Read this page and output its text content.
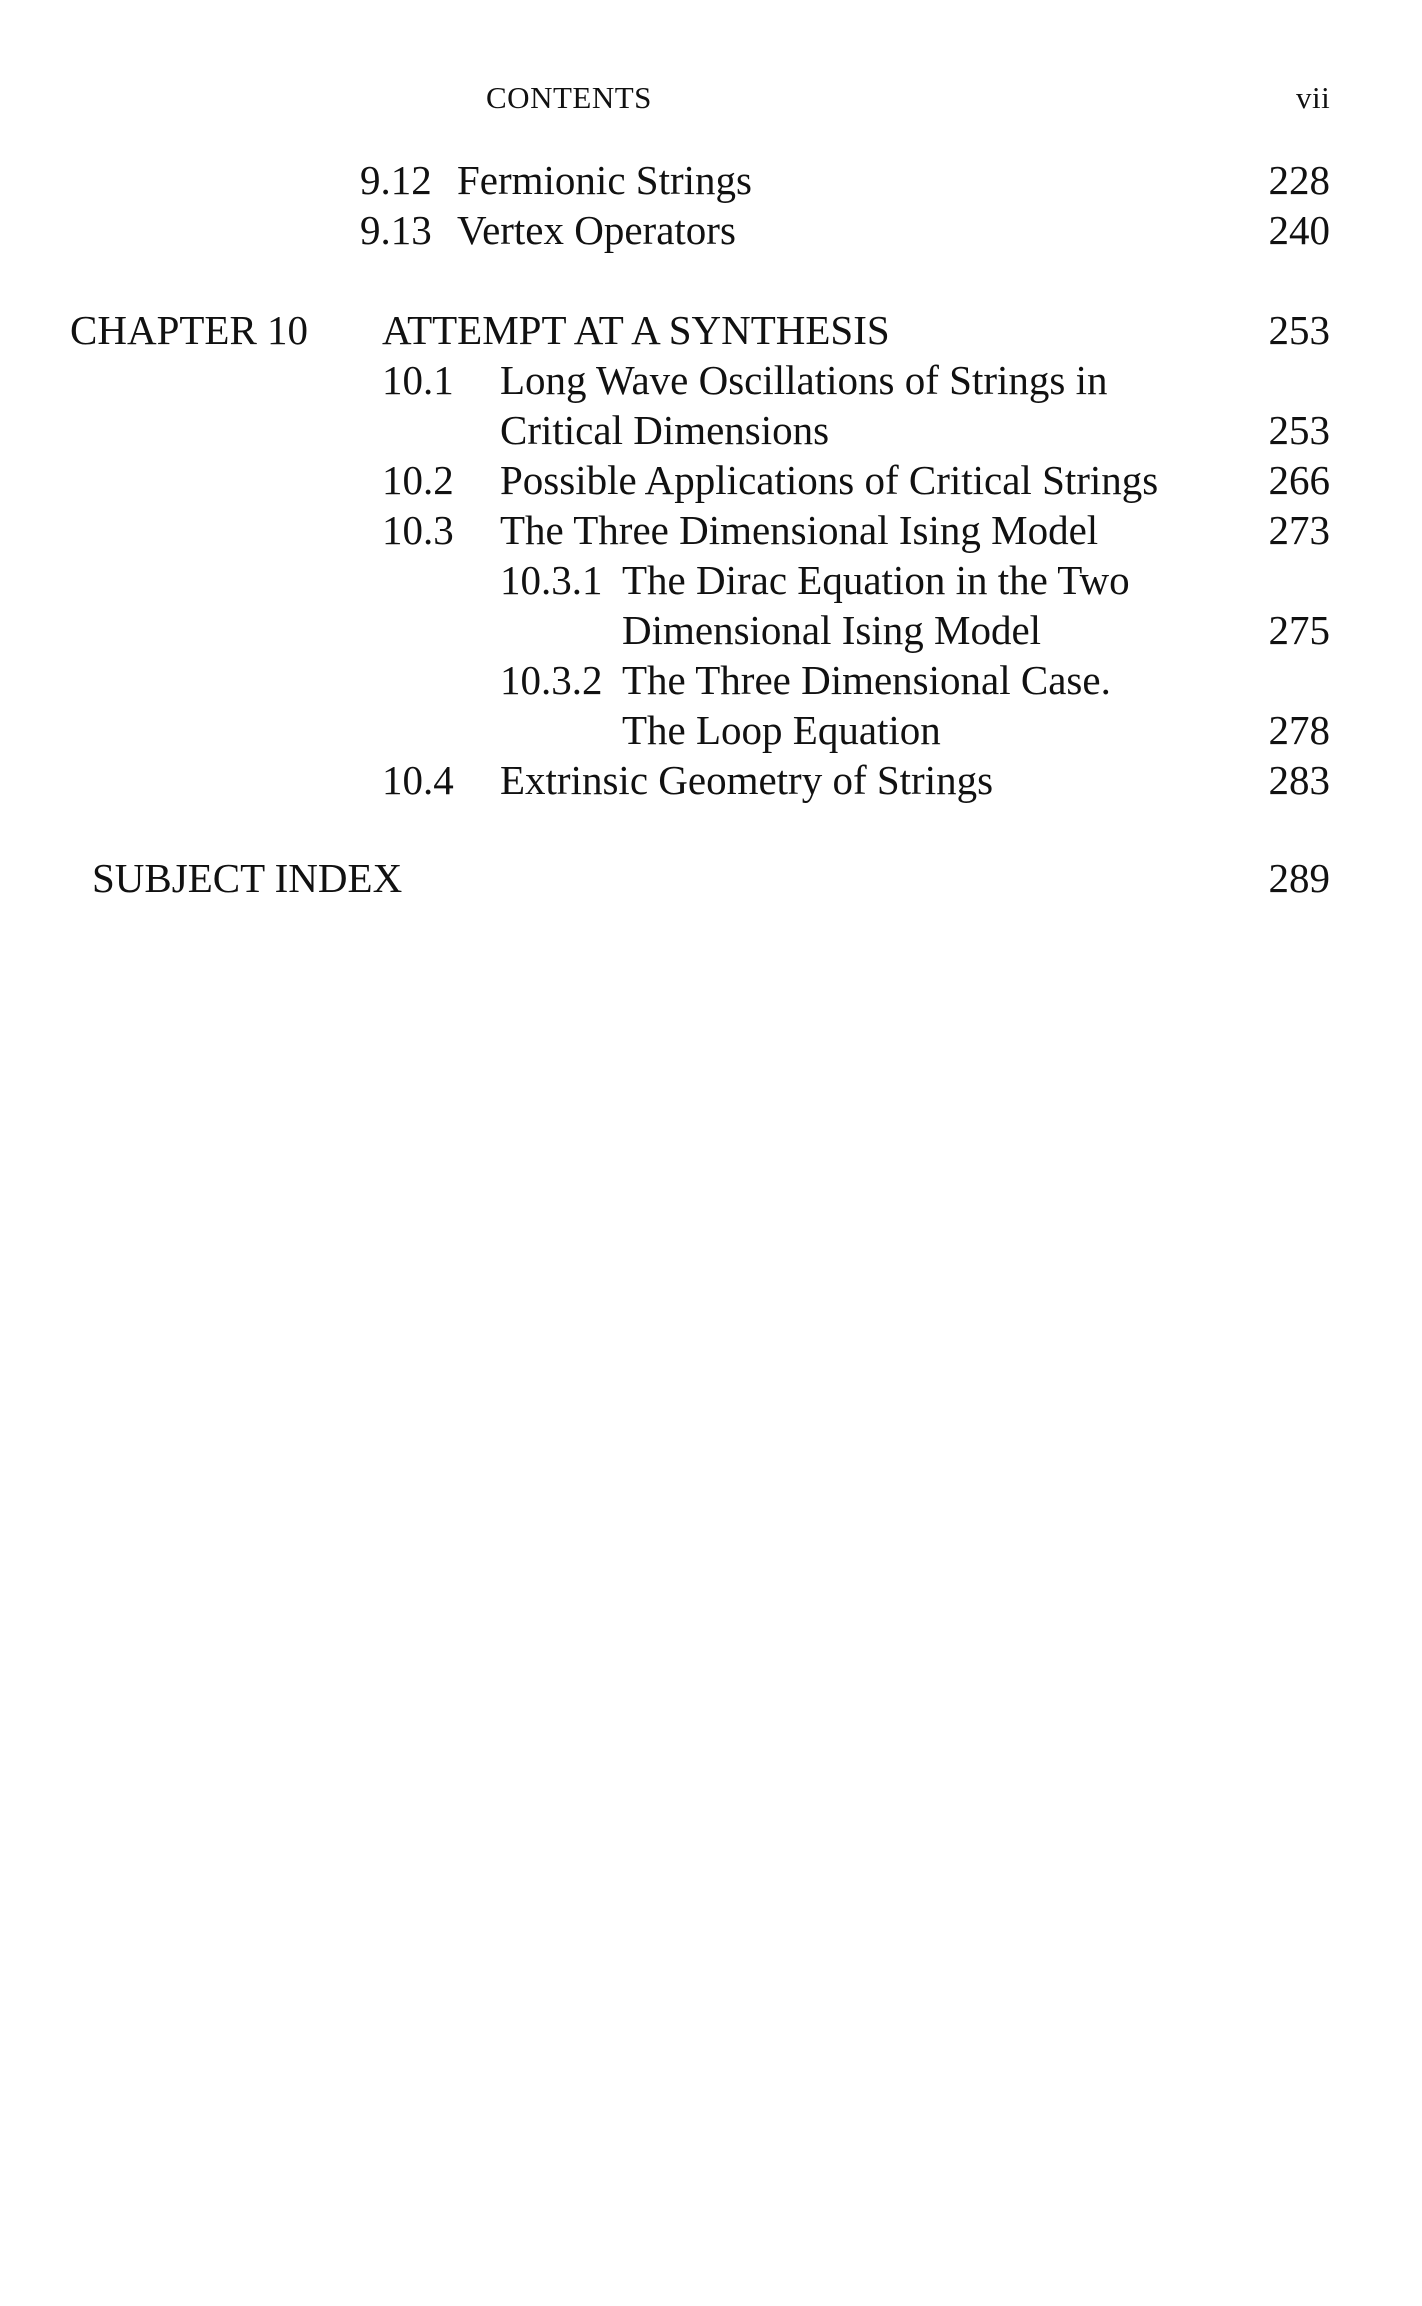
CONTENTS	vii
9.12 Fermionic Strings	228
9.13 Vertex Operators	240
CHAPTER 10 ATTEMPT AT A SYNTHESIS	253
10.1 Long Wave Oscillations of Strings in
Critical Dimensions	253
10.2 Possible Applications of Critical Strings	266
10.3 The Three Dimensional Ising Model	273
10.3.1 The Dirac Equation in the Two
Dimensional Ising Model	275
10.3.2 The Three Dimensional Case.
The Loop Equation	278
10.4 Extrinsic Geometry of Strings	283
SUBJECT INDEX	289
